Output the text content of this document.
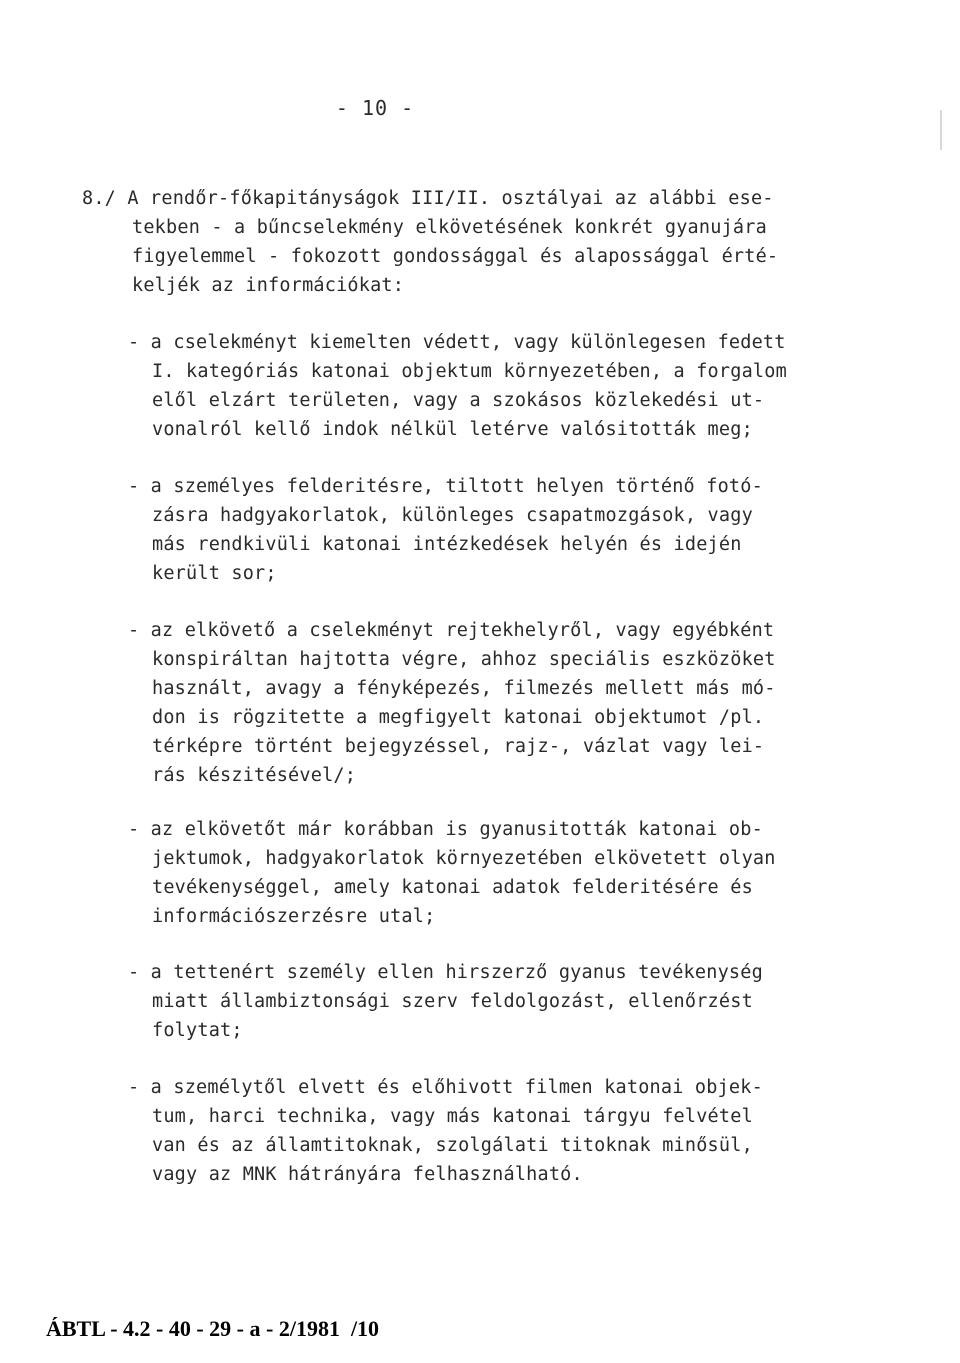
- 10 -
8./ A rendőr-főkapitányságok III/II. osztályai az alábbi ese-
tekben - a bűncselekmény elkövetésének konkrét gyanujára
figyelemmel - fokozott gondossággal és alapossággal érté-
keljék az információkat:
- a cselekményt kiemelten védett, vagy különlegesen fedett
I. kategóriás katonai objektum környezetében, a forgalom
elől elzárt területen, vagy a szokásos közlekedési ut-
vonalról kellő indok nélkül letérve valósitották meg;
- a személyes felderitésre, tiltott helyen történő fotó-
zásra hadgyakorlatok, különleges csapatmozgások, vagy
más rendkivüli katonai intézkedések helyén és idején
került sor;
- az elkövető a cselekményt rejtekhelyről, vagy egyébként
konspiráltan hajtotta végre, ahhoz speciális eszközöket
használt, avagy a fényképezés, filmezés mellett más mó-
don is rögzitette a megfigyelt katonai objektumot /pl.
térképre történt bejegyzéssel, rajz-, vázlat vagy lei-
rás készitésével/;
- az elkövetőt már korábban is gyanusitották katonai ob-
jektumok, hadgyakorlatok környezetében elkövetett olyan
tevékenységgel, amely katonai adatok felderitésére és
információszerzésre utal;
- a tettenért személy ellen hirszerző gyanus tevékenység
miatt állambiztonsági szerv feldolgozást, ellenőrzést
folytat;
- a személytől elvett és előhivott filmen katonai objek-
tum, harci technika, vagy más katonai tárgyu felvétel
van és az államtitoknak, szolgálati titoknak minősül,
vagy az MNK hátrányára felhasználható.
ÁBTL - 4.2 - 40 - 29 - a - 2/1981  /10
